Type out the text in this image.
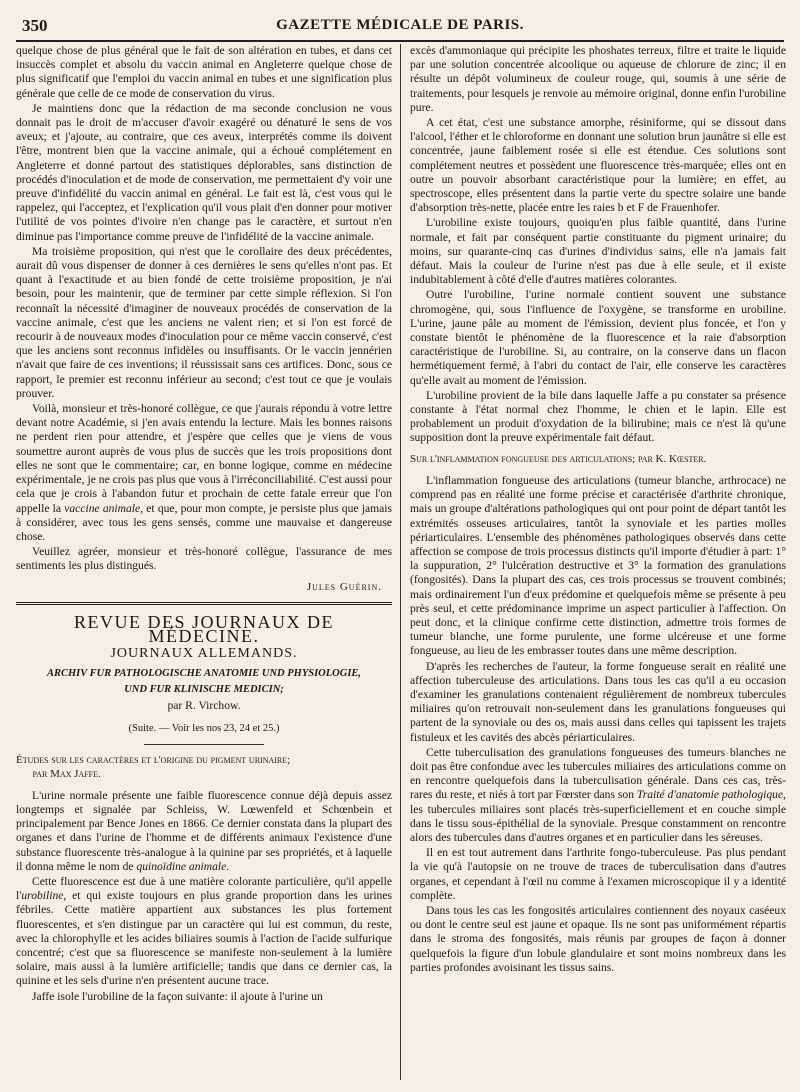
350	GAZETTE MÉDICALE DE PARIS.

quelque chose de plus général que le fait de son altération en tubes, et dans cet insuccès complet et absolu du vaccin animal en Angleterre quelque chose de plus significatif que l'emploi du vaccin animal en tubes et une signification plus générale que celle de ce mode de conservation du virus.

Je maintiens donc que la rédaction de ma seconde conclusion ne vous donnait pas le droit de m'accuser d'avoir exagéré ou dénaturé le sens de vos aveux; et j'ajoute, au contraire, que ces aveux, interprétés comme ils doivent l'être, montrent bien que la vaccine animale, qui a échoué complétement en Angleterre et donné partout des statistiques déplorables, sans distinction de procédés d'inoculation et de mode de conservation, me permettaient d'y voir une preuve d'infidélité du vaccin animal en général. Le fait est là, c'est vous qui le rappelez, qui l'acceptez, et l'explication qu'il vous plait d'en donner pour motiver l'utilité de vos pointes d'ivoire n'en change pas le caractère, et surtout n'en diminue pas l'importance comme preuve de l'infidélité de la vaccine animale.

Ma troisième proposition, qui n'est que le corollaire des deux précédentes, aurait dû vous dispenser de donner à ces dernières le sens qu'elles n'ont pas. Et quant à l'exactitude et au bien fondé de cette troisième proposition, je n'ai besoin, pour les maintenir, que de terminer par cette simple réflexion. Si l'on reconnaît la nécessité d'imaginer de nouveaux procédés de conservation de la vaccine animale, c'est que les anciens ne valent rien; et si l'on est forcé de recourir à de nouveaux modes d'inoculation pour ce même vaccin conservé, c'est que les anciens sont reconnus infidèles ou insuffisants. Or le vaccin jennérien n'avait que faire de ces inventions; il réussissait sans ces artifices. Donc, sous ce rapport, le premier est reconnu inférieur au second; c'est tout ce que je voulais prouver.

Voilà, monsieur et très-honoré collègue, ce que j'aurais répondu à votre lettre devant notre Académie, si j'en avais entendu la lecture. Mais les bonnes raisons ne perdent rien pour attendre, et j'espère que celles que je viens de vous soumettre auront auprès de vous plus de succès que les trois propositions dont elles ne sont que le commentaire; car, en bonne logique, comme en médecine expérimentale, je ne crois pas plus que vous à l'irréconciliabilité. C'est aussi pour cela que je crois à l'abandon futur et prochain de cette fatale erreur que l'on appelle la vaccine animale, et que, pour mon compte, je persiste plus que jamais à considérer, avec tous les gens sensés, comme une mauvaise et dangereuse chose.

Veuillez agréer, monsieur et très-honoré collègue, l'assurance de mes sentiments les plus distingués.

Jules Guérin.
REVUE DES JOURNAUX DE MÉDECINE.
JOURNAUX ALLEMANDS.
ARCHIV FUR PATHOLOGISCHE ANATOMIE UND PHYSIOLOGIE,
UND FUR KLINISCHE MEDICIN;
par R. Virchow.
(Suite. — Voir les nos 23, 24 et 25.)
Études sur les caractères et l'origine du pigment urinaire;
par Max Jaffe.

L'urine normale présente une faible fluorescence connue déjà depuis assez longtemps et signalée par Schleiss, W. Lœwenfeld et Schœnbein et principalement par Bence Jones en 1866. Ce dernier constata dans la plupart des organes et dans l'urine de l'homme et de différents animaux l'existence d'une substance fluorescente très-analogue à la quinine par ses propriétés, et à laquelle il donna même le nom de quinoïdine animale.

Cette fluorescence est due à une matière colorante particulière, qu'il appelle l'urobiline, et qui existe toujours en plus grande proportion dans les urines fébriles. Cette matière appartient aux substances les plus fortement fluorescentes, et s'en distingue par un caractère qui lui est commun, du reste, avec la chlorophylle et les acides biliaires soumis à l'action de l'acide sulfurique concentré; c'est que sa fluorescence se manifeste non-seulement à la lumière solaire, mais aussi à la lumière artificielle; tandis que dans ce dernier cas, la quinine et les sels d'urine n'en présentent aucune trace.

Jaffe isole l'urobiline de la façon suivante: il ajoute à l'urine un

excès d'ammoniaque qui précipite les phoshates terreux, filtre et traite le liquide par une solution concentrée alcoolique ou aqueuse de chlorure de zinc; il en résulte un dépôt volumineux de couleur rouge, qui, soumis à une série de traitements, pour lesquels je renvoie au mémoire original, donne enfin l'urobiline pure.

A cet état, c'est une substance amorphe, résiniforme, qui se dissout dans l'alcool, l'éther et le chloroforme en donnant une solution brun jaunâtre si elle est concentrée, jaune faiblement rosée si elle est étendue. Ces solutions sont complétement neutres et possèdent une fluorescence très-marquée; elles ont en outre un pouvoir absorbant caractéristique pour la lumière; en effet, au spectroscope, elles présentent dans la partie verte du spectre solaire une bande d'absorption très-nette, placée entre les raies b et F de Frauenhofer.

L'urobiline existe toujours, quoiqu'en plus faible quantité, dans l'urine normale, et fait par conséquent partie constituante du pigment urinaire; du moins, sur quarante-cinq cas d'urines d'individus sains, elle n'a jamais fait défaut. Mais la couleur de l'urine n'est pas due à elle seule, et il existe indubitablement à côté d'elle d'autres matières colorantes.

Outre l'urobiline, l'urine normale contient souvent une substance chromogène, qui, sous l'influence de l'oxygène, se transforme en urobiline. L'urine, jaune pâle au moment de l'émission, devient plus foncée, et l'on y constate bientôt le phénomène de la fluorescence et la raie d'absorption caractéristique de l'urobiline. Si, au contraire, on la conserve dans un flacon hermétiquement fermé, à l'abri du contact de l'air, elle conserve les caractères qu'elle avait au moment de l'émission.

L'urobiline provient de la bile dans laquelle Jaffe a pu constater sa présence constante à l'état normal chez l'homme, le chien et le lapin. Elle est probablement un produit d'oxydation de la bilirubine; mais ce n'est là qu'une supposition dont la preuve expérimentale fait défaut.

Sur l'inflammation fongueuse des articulations; par K. Kœster.

L'inflammation fongueuse des articulations (tumeur blanche, arthrocace) ne comprend pas en réalité une forme précise et caractérisée d'arthrite chronique, mais un groupe d'altérations pathologiques qui ont pour point de départ tantôt les extrémités osseuses articulaires, tantôt la synoviale et les parties molles périarticulaires. L'ensemble des phénomènes pathologiques observés dans cette affection se compose de trois processus distincts qu'il importe d'étudier à part: 1° la suppuration, 2° l'ulcération destructive et 3° la formation des granulations (fongosités). Dans la plupart des cas, ces trois processus se trouvent combinés; mais ordinairement l'un d'eux prédomine et quelquefois même se présente à peu près seul, et cette prédominance imprime un aspect particulier à l'affection. On peut donc, et la clinique confirme cette distinction, admettre trois formes de tumeur blanche, une forme purulente, une forme ulcéreuse et une forme fongueuse, au lieu de les embrasser toutes dans une même description.

D'après les recherches de l'auteur, la forme fongueuse serait en réalité une affection tuberculeuse des articulations. Dans tous les cas qu'il a eu occasion d'examiner les granulations contenaient régulièrement de nombreux tubercules miliaires qu'on retrouvait non-seulement dans les granulations fongueuses qui partent de la synoviale ou des os, mais aussi dans celles qui tapissent les trajets fistuleux et les cavités des abcès périarticulaires.

Cette tuberculisation des granulations fongueuses des tumeurs blanches ne doit pas être confondue avec les tubercules miliaires des articulations comme on en rencontre quelquefois dans la tuberculisation générale. Dans ces cas, très-rares du reste, et niés à tort par Fœrster dans son Traité d'anatomie pathologique, les tubercules miliaires sont placés très-superficiellement et en couche simple dans le tissu sous-épithélial de la synoviale. Presque constamment on rencontre alors des tubercules dans d'autres organes et en particulier dans les séreuses.

Il en est tout autrement dans l'arthrite fongo-tuberculeuse. Pas plus pendant la vie qu'à l'autopsie on ne trouve de traces de tuberculisation dans d'autres organes, et cependant à l'œil nu comme à l'examen microscopique il y a identité complète.

Dans tous les cas les fongosités articulaires contiennent des noyaux caséeux ou dont le centre seul est jaune et opaque. Ils ne sont pas uniformément répartis dans le stroma des fongosités, mais réunis par groupes de façon à donner quelquefois la figure d'un lobule glandulaire et sont moins nombreux dans les parties profondes avoisinant les tissus sains.
